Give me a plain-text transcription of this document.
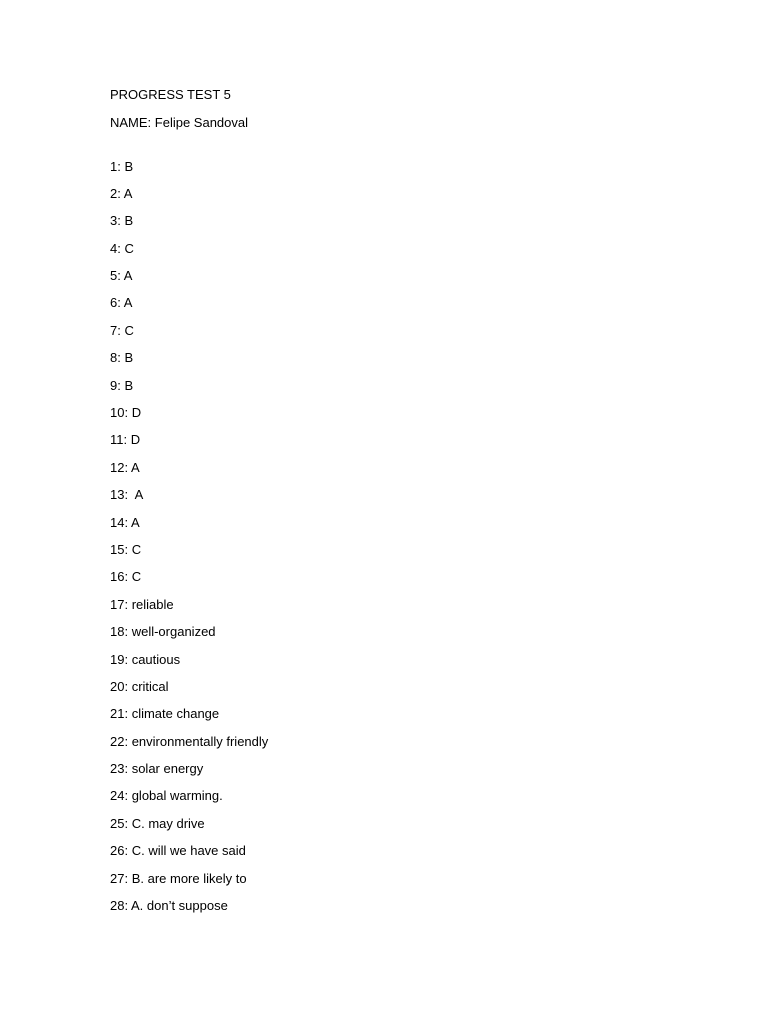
PROGRESS TEST 5

NAME: Felipe Sandoval

1 : B
2 : A
3 : B
4 : C
5 : A
6 : A
7 : C
8 : B
9 : B
10 : D
11 : D
12 : A
13 :  A
14 : A
15 : C
16 : C
17 : reliable
18 : well-organized
19 : cautious
20 : critical
21 : climate change
22 : environmentally friendly
23 : solar energy
24 : global warming.
25 : C. may drive
26 : C. will we have said
27 : B. are more likely to
28 : A. don’t suppose
